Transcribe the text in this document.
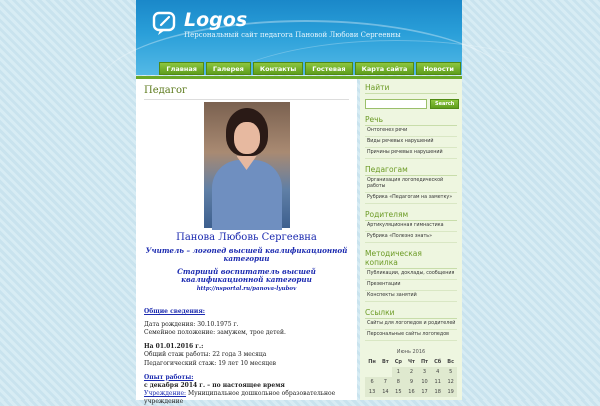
Logos
Персональный сайт педагога Пановой Любови Сергеевны
Главная	Галерея	Контакты	Гостевая	Карта сайта	Новости
Педагог
Панова Любовь Сергеевна
Учитель – логопед высшей квалификационной категории
Старший воспитатель высшей квалификационной категории
http://nsportal.ru/panova-lyubov
Общие сведения:
Дата рождения: 30.10.1975 г.
Семейное положение: замужем, трое детей.
На 01.01.2016 г.:
Общий стаж работы: 22 года 3 месяца
Педагогический стаж: 19 лет 10 месяцев
Опыт работы:
с декабря 2014 г. – по настоящее время
Учреждение: Муниципальное дошкольное образовательное учреждение
Найти
Search
Речь
Онтогенез речи
Виды речевых нарушений
Причины речевых нарушений
Педагогам
Организация логопедической работы
Рубрика «Педагогам на заметку»
Родителям
Артикуляционная гимнастика
Рубрика «Полезно знать»
Методическая копилка
Публикации, доклады, сообщения
Презентации
Конспекты занятий
Ссылки
Сайты для логопедов и родителей
Персональные сайты логопедов
Июнь 2016
Пн	Вт	Ср	Чт	Пт	Сб	Вс
		1	2	3	4	5
6	7	8	9	10	11	12
13	14	15	16	17	18	19
